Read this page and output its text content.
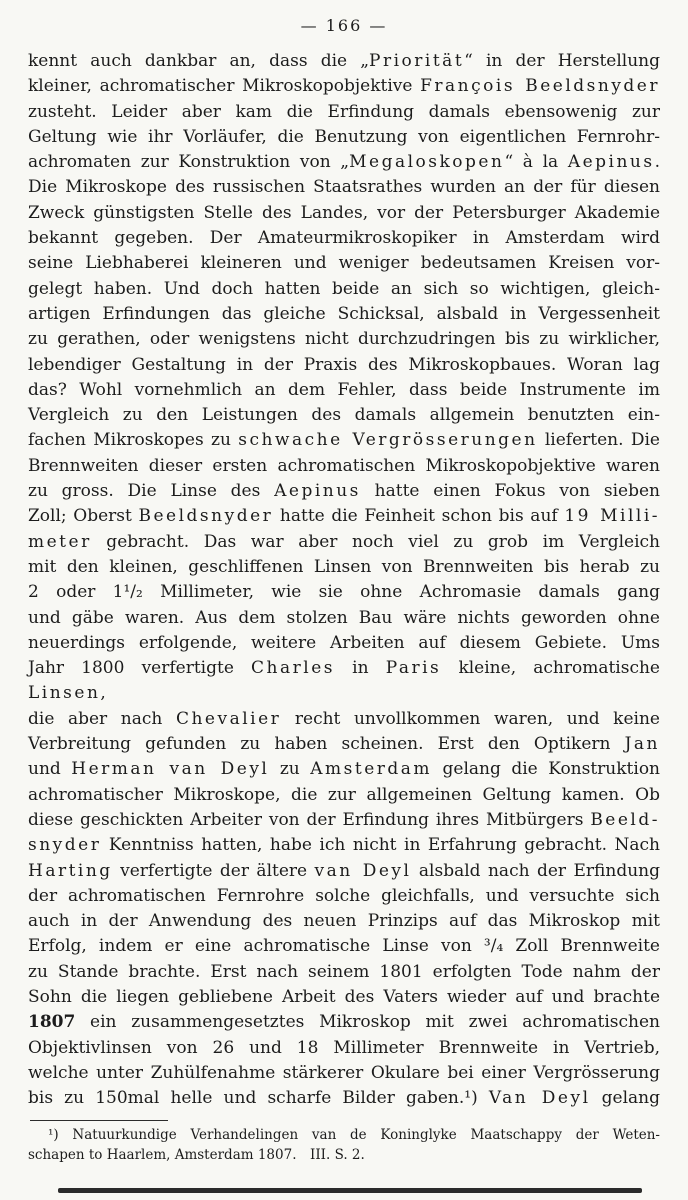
— 166 —
kennt auch dankbar an, dass die „Priorität“ in der Herstellung
kleiner, achromatischer Mikroskopobjektive François Beeldsnyder
zusteht. Leider aber kam die Erfindung damals ebensowenig zur
Geltung wie ihr Vorläufer, die Benutzung von eigentlichen Fernrohr-
achromaten zur Konstruktion von „Megaloskopen“ à la Aepinus.
Die Mikroskope des russischen Staatsrathes wurden an der für diesen
Zweck günstigsten Stelle des Landes, vor der Petersburger Akademie
bekannt gegeben. Der Amateurmikroskopiker in Amsterdam wird
seine Liebhaberei kleineren und weniger bedeutsamen Kreisen vor-
gelegt haben. Und doch hatten beide an sich so wichtigen, gleich-
artigen Erfindungen das gleiche Schicksal, alsbald in Vergessenheit
zu gerathen, oder wenigstens nicht durchzudringen bis zu wirklicher,
lebendiger Gestaltung in der Praxis des Mikroskopbaues. Woran lag
das? Wohl vornehmlich an dem Fehler, dass beide Instrumente im
Vergleich zu den Leistungen des damals allgemein benutzten ein-
fachen Mikroskopes zu schwache Vergrösserungen lieferten. Die
Brennweiten dieser ersten achromatischen Mikroskopobjektive waren
zu gross. Die Linse des Aepinus hatte einen Fokus von sieben
Zoll; Oberst Beeldsnyder hatte die Feinheit schon bis auf 19 Milli-
meter gebracht. Das war aber noch viel zu grob im Vergleich
mit den kleinen, geschliffenen Linsen von Brennweiten bis herab zu
2 oder 1¹/₂ Millimeter, wie sie ohne Achromasie damals gang
und gäbe waren. Aus dem stolzen Bau wäre nichts geworden ohne
neuerdings erfolgende, weitere Arbeiten auf diesem Gebiete. Ums
Jahr 1800 verfertigte Charles in Paris kleine, achromatische Linsen,
die aber nach Chevalier recht unvollkommen waren, und keine
Verbreitung gefunden zu haben scheinen. Erst den Optikern Jan
und Herman van Deyl zu Amsterdam gelang die Konstruktion
achromatischer Mikroskope, die zur allgemeinen Geltung kamen. Ob
diese geschickten Arbeiter von der Erfindung ihres Mitbürgers Beeld-
snyder Kenntniss hatten, habe ich nicht in Erfahrung gebracht. Nach
Harting verfertigte der ältere van Deyl alsbald nach der Erfindung
der achromatischen Fernrohre solche gleichfalls, und versuchte sich
auch in der Anwendung des neuen Prinzips auf das Mikroskop mit
Erfolg, indem er eine achromatische Linse von ³/₄ Zoll Brennweite
zu Stande brachte. Erst nach seinem 1801 erfolgten Tode nahm der
Sohn die liegen gebliebene Arbeit des Vaters wieder auf und brachte
1807 ein zusammengesetztes Mikroskop mit zwei achromatischen
Objektivlinsen von 26 und 18 Millimeter Brennweite in Vertrieb,
welche unter Zuhülfenahme stärkerer Okulare bei einer Vergrösserung
bis zu 150mal helle und scharfe Bilder gaben.¹) Van Deyl gelang
¹) Natuurkundige Verhandelingen van de Koninglyke Maatschappy der Weten-
schapen to Haarlem, Amsterdam 1807. III. S. 2.
